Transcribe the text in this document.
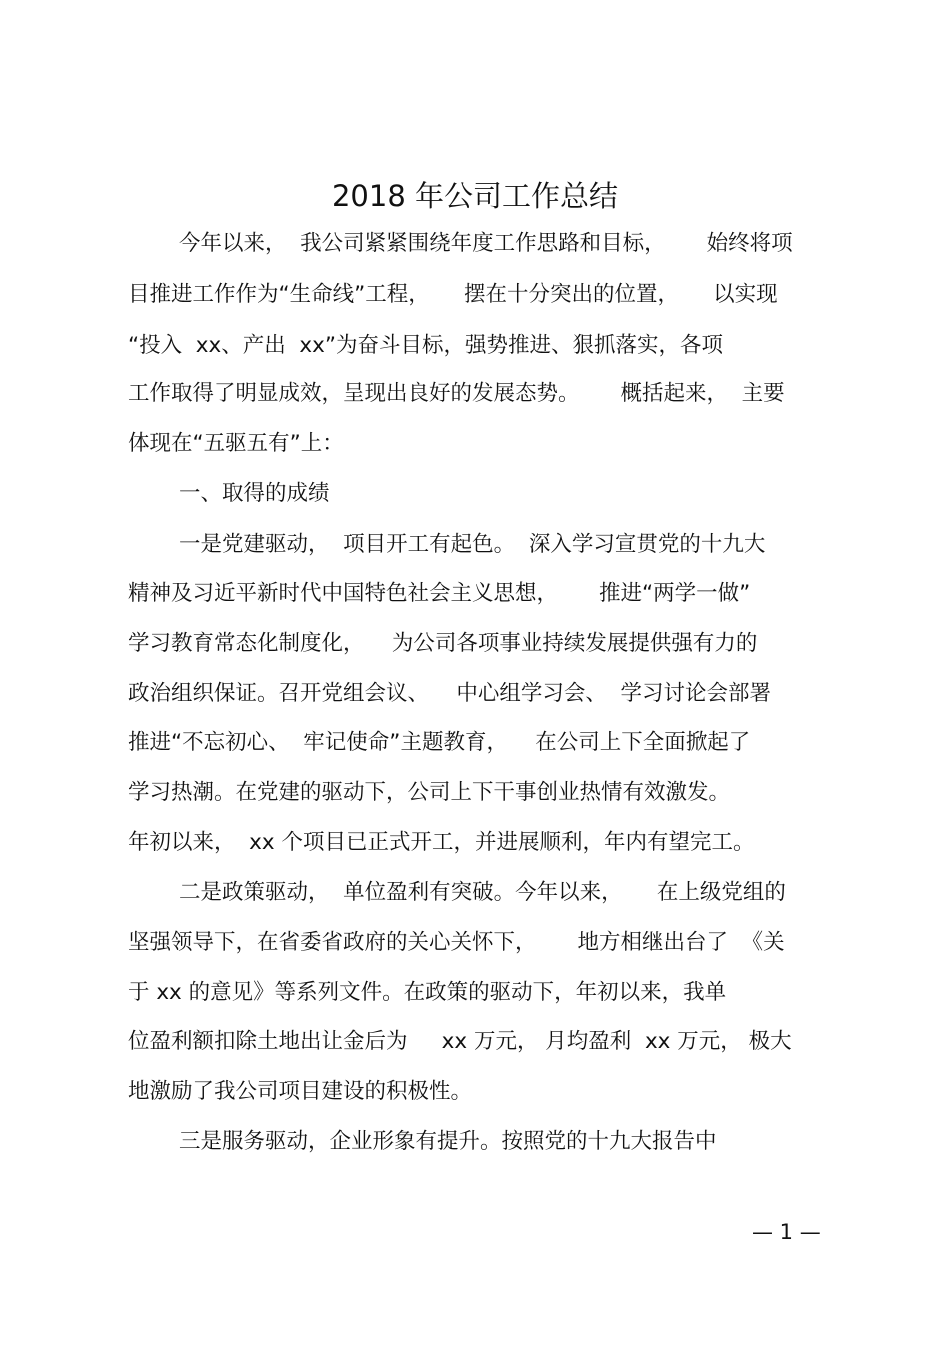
2018 年公司工作总结
今年以来，  我公司紧紧围绕年度工作思路和目标，      始终将项
目推进工作作为“生命线”工程，     摆在十分突出的位置，     以实现
“投入  xx、产出  xx”为奋斗目标，强势推进、狠抓落实，各项
工作取得了明显成效，呈现出良好的发展态势。      概括起来，  主要
体现在“五驱五有”上：
一、取得的成绩
一是党建驱动，  项目开工有起色。  深入学习宣贯党的十九大
精神及习近平新时代中国特色社会主义思想，      推进“两学一做”
学习教育常态化制度化，    为公司各项事业持续发展提供强有力的
政治组织保证。召开党组会议、    中心组学习会、  学习讨论会部署
推进“不忘初心、  牢记使命”主题教育，    在公司上下全面掀起了
学习热潮。在党建的驱动下，公司上下干事创业热情有效激发。
年初以来，  xx 个项目已正式开工，并进展顺利，年内有望完工。
二是政策驱动，  单位盈利有突破。今年以来，     在上级党组的
坚强领导下，在省委省政府的关心关怀下，      地方相继出台了  《关
于 xx 的意见》等系列文件。在政策的驱动下，年初以来，我单
位盈利额扣除土地出让金后为     xx 万元， 月均盈利  xx 万元， 极大
地激励了我公司项目建设的积极性。
三是服务驱动，企业形象有提升。按照党的十九大报告中
— 1 —
